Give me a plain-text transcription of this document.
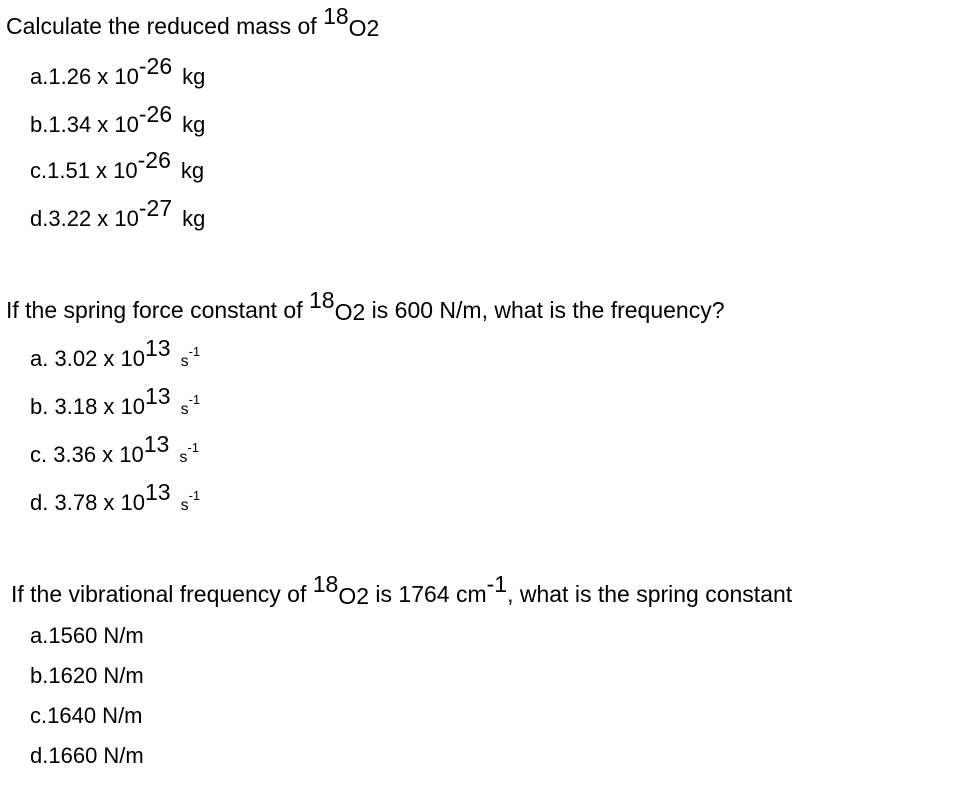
Calculate the reduced mass of 18O2
a.1.26 x 10-26 kg
b.1.34 x 10-26 kg
c.1.51 x 10-26 kg
d.3.22 x 10-27 kg
If the spring force constant of 18O2 is 600 N/m, what is the frequency?
a. 3.02 x $1013s^{-1}$
b. 3.18 x $1013s^{-1}$
c. 3.36 x $1013s^{-1}$
d. 3.78 x $1013s^{-1}$
If the vibrational frequency of 18O2 is 1764 cm-1, what is the spring constant
a.1560 N/m
b.1620 N/m
c.1640 N/m
d.1660 N/m
